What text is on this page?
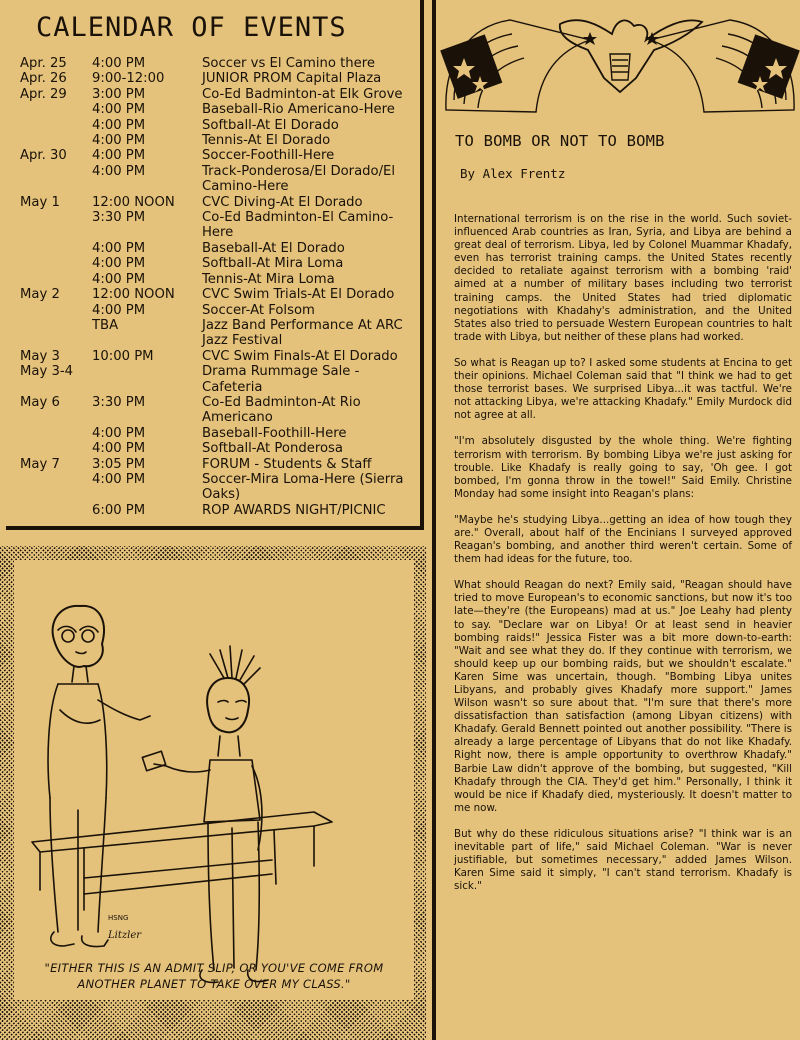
CALENDAR OF EVENTS
Apr. 25	4:00 PM	Soccer vs El Camino there
Apr. 26	9:00-12:00	JUNIOR PROM Capital Plaza
Apr. 29	3:00 PM	Co-Ed Badminton-at Elk Grove
4:00 PM	Baseball-Rio Americano-Here
4:00 PM	Softball-At El Dorado
4:00 PM	Tennis-At El Dorado
Apr. 30	4:00 PM	Soccer-Foothill-Here
4:00 PM	Track-Ponderosa/El Dorado/El Camino-Here
May 1	12:00 NOON	CVC Diving-At El Dorado
3:30 PM	Co-Ed Badminton-El Camino-Here
4:00 PM	Baseball-At El Dorado
4:00 PM	Softball-At Mira Loma
4:00 PM	Tennis-At Mira Loma
May 2	12:00 NOON	CVC Swim Trials-At El Dorado
4:00 PM	Soccer-At Folsom
TBA	Jazz Band Performance At ARC Jazz Festival
May 3	10:00 PM	CVC Swim Finals-At El Dorado
May 3-4	Drama Rummage Sale - Cafeteria
May 6	3:30 PM	Co-Ed Badminton-At Rio Americano
4:00 PM	Baseball-Foothill-Here
4:00 PM	Softball-At Ponderosa
May 7	3:05 PM	FORUM - Students & Staff
4:00 PM	Soccer-Mira Loma-Here (Sierra Oaks)
6:00 PM	ROP AWARDS NIGHT/PICNIC
HSNG
Litzler
"EITHER THIS IS AN ADMIT SLIP, OR YOU'VE COME FROM ANOTHER PLANET TO TAKE OVER MY CLASS."
TO BOMB OR NOT TO BOMB
By Alex Frentz

International terrorism is on the rise in the world. Such soviet-influenced Arab countries as Iran, Syria, and Libya are behind a great deal of terrorism. Libya, led by Colonel Muammar Khadafy, even has terrorist training camps. the United States recently decided to retaliate against terrorism with a bombing 'raid' aimed at a number of military bases including two terrorist training camps. the United States had tried diplomatic negotiations with Khadahy's administration, and the United States also tried to persuade Western European countries to halt trade with Libya, but neither of these plans had worked.

So what is Reagan up to? I asked some students at Encina to get their opinions. Michael Coleman said that "I think we had to get those terrorist bases. We surprised Libya...it was tactful. We're not attacking Libya, we're attacking Khadafy." Emily Murdock did not agree at all.

"I'm absolutely disgusted by the whole thing. We're fighting terrorism with terrorism. By bombing Libya we're just asking for trouble. Like Khadafy is really going to say, 'Oh gee. I got bombed, I'm gonna throw in the towel!" Said Emily. Christine Monday had some insight into Reagan's plans:

"Maybe he's studying Libya...getting an idea of how tough they are." Overall, about half of the Encinians I surveyed approved Reagan's bombing, and another third weren't certain. Some of them had ideas for the future, too.

What should Reagan do next? Emily said, "Reagan should have tried to move European's to economic sanctions, but now it's too late—they're (the Europeans) mad at us." Joe Leahy had plenty to say. "Declare war on Libya! Or at least send in heavier bombing raids!" Jessica Fister was a bit more down-to-earth: "Wait and see what they do. If they continue with terrorism, we should keep up our bombing raids, but we shouldn't escalate." Karen Sime was uncertain, though. "Bombing Libya unites Libyans, and probably gives Khadafy more support." James Wilson wasn't so sure about that. "I'm sure that there's more dissatisfaction than satisfaction (among Libyan citizens) with Khadafy. Gerald Bennett pointed out another possibility. "There is already a large percentage of Libyans that do not like Khadafy. Right now, there is ample opportunity to overthrow Khadafy." Barbie Law didn't approve of the bombing, but suggested, "Kill Khadafy through the CIA. They'd get him." Personally, I think it would be nice if Khadafy died, mysteriously. It doesn't matter to me now.

But why do these ridiculous situations arise? "I think war is an inevitable part of life," said Michael Coleman. "War is never justifiable, but sometimes necessary," added James Wilson. Karen Sime said it simply, "I can't stand terrorism. Khadafy is sick."
